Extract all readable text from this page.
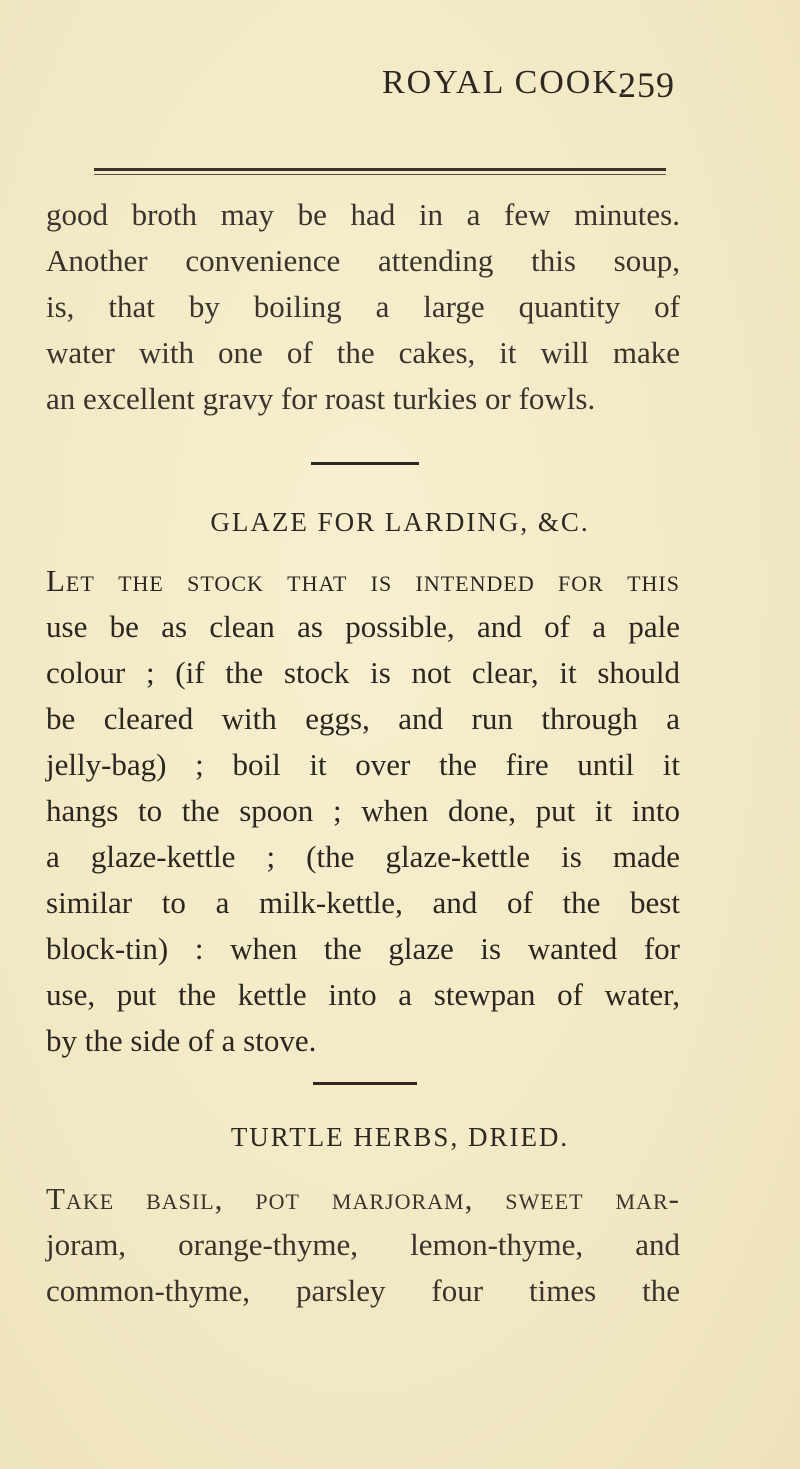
ROYAL COOK.
259
good broth may be had in a few minutes.
Another convenience attending this soup,
is, that by boiling a large quantity of
water with one of the cakes, it will make
an excellent gravy for roast turkies or fowls.
GLAZE FOR LARDING, &C.
Let the stock that is intended for this
use be as clean as possible, and of a pale
colour ; (if the stock is not clear, it should
be cleared with eggs, and run through a
jelly-bag) ; boil it over the fire until it
hangs to the spoon ; when done, put it into
a glaze-kettle ; (the glaze-kettle is made
similar to a milk-kettle, and of the best
block-tin) : when the glaze is wanted for
use, put the kettle into a stewpan of water,
by the side of a stove.
TURTLE HERBS, DRIED.
Take basil, pot marjoram, sweet mar-
joram, orange-thyme, lemon-thyme, and
common-thyme, parsley four times the
